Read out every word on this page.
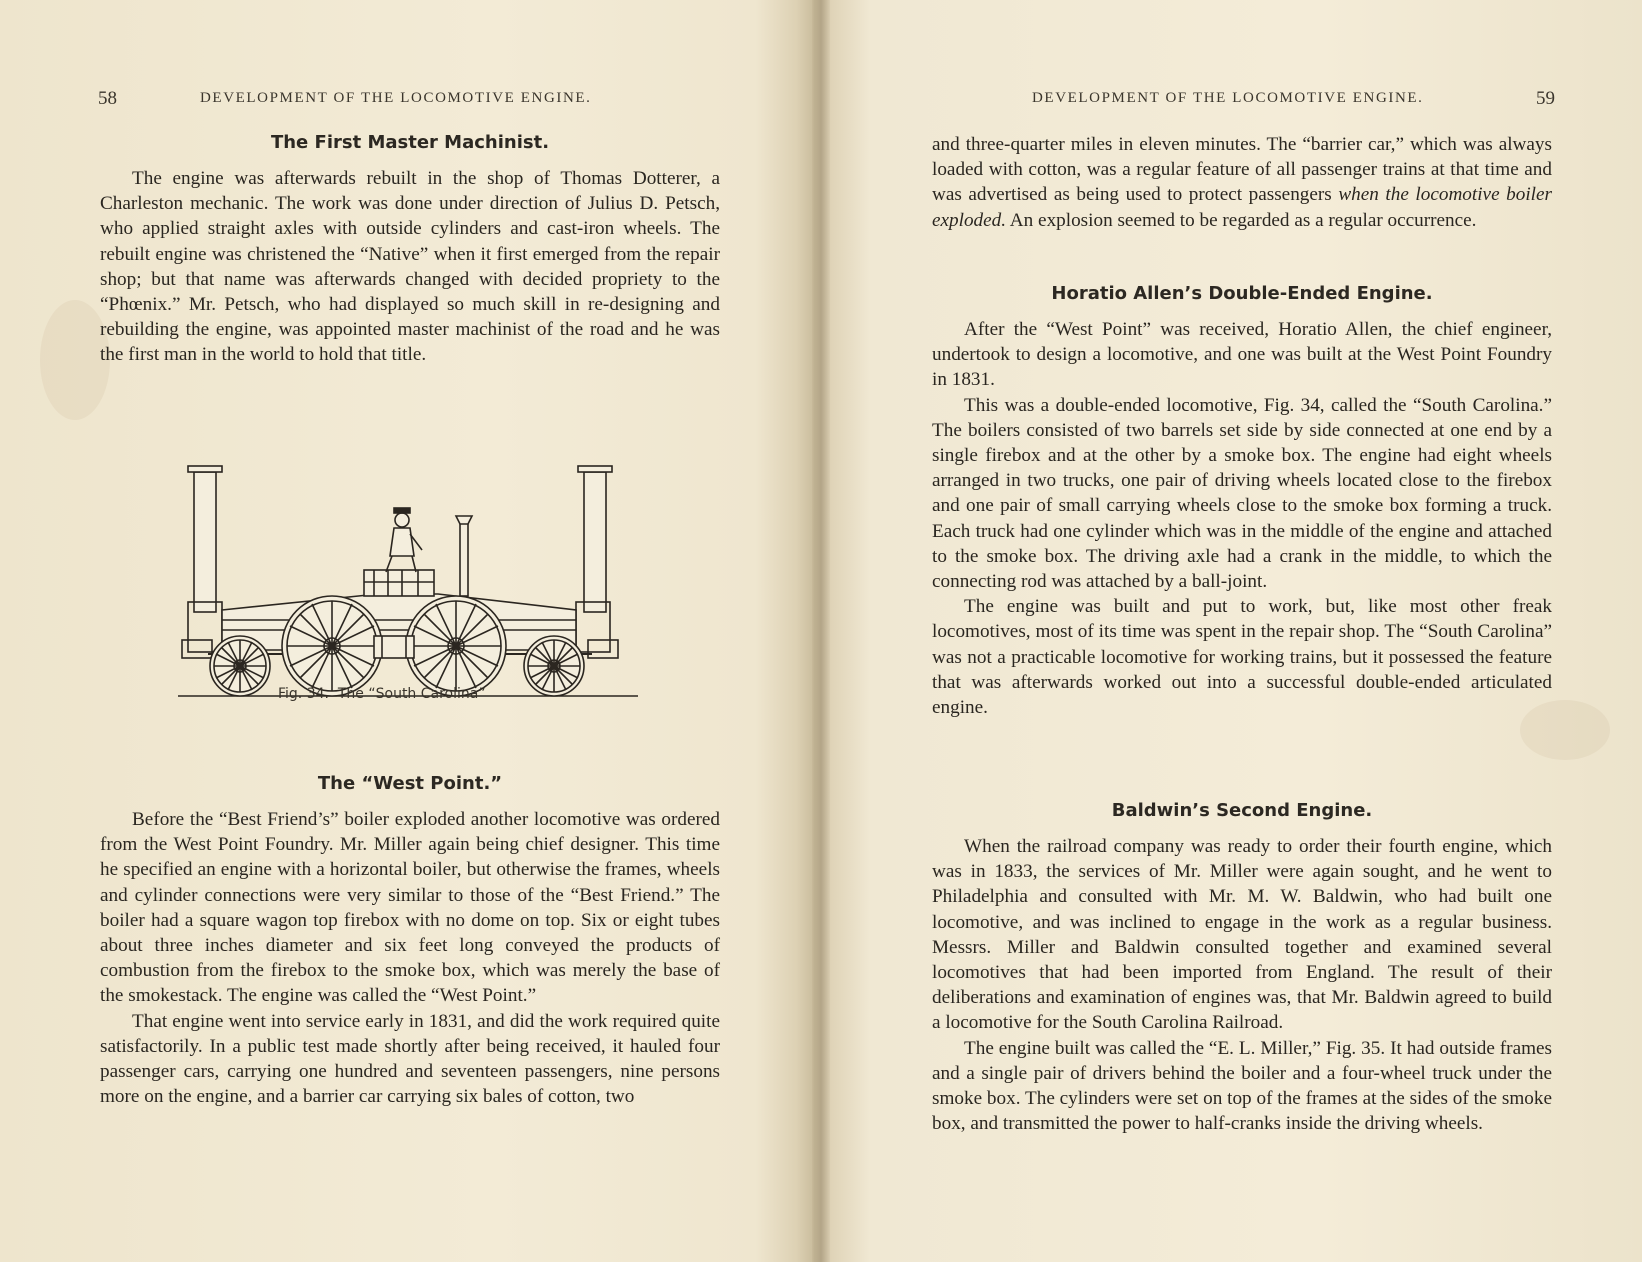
58	DEVELOPMENT OF THE LOCOMOTIVE ENGINE.
The First Master Machinist.

The engine was afterwards rebuilt in the shop of Thomas Dotterer, a Charleston mechanic. The work was done under direction of Julius D. Petsch, who applied straight axles with outside cylinders and cast-iron wheels. The rebuilt engine was christened the “Native” when it first emerged from the repair shop; but that name was afterwards changed with decided propriety to the “Phœnix.” Mr. Petsch, who had displayed so much skill in re-designing and rebuilding the engine, was appointed master machinist of the road and he was the first man in the world to hold that title.

Fig. 34.  The “South Carolina”
The “West Point.”

Before the “Best Friend’s” boiler exploded another locomotive was ordered from the West Point Foundry. Mr. Miller again being chief designer. This time he specified an engine with a horizontal boiler, but otherwise the frames, wheels and cylinder connections were very similar to those of the “Best Friend.” The boiler had a square wagon top firebox with no dome on top. Six or eight tubes about three inches diameter and six feet long conveyed the products of combustion from the firebox to the smoke box, which was merely the base of the smokestack. The engine was called the “West Point.”

That engine went into service early in 1831, and did the work required quite satisfactorily. In a public test made shortly after being received, it hauled four passenger cars, carrying one hundred and seventeen passengers, nine persons more on the engine, and a barrier car carrying six bales of cotton, two

DEVELOPMENT OF THE LOCOMOTIVE ENGINE.	59

and three-quarter miles in eleven minutes. The “barrier car,” which was always loaded with cotton, was a regular feature of all passenger trains at that time and was advertised as being used to protect passengers when the locomotive boiler exploded. An explosion seemed to be regarded as a regular occurrence.

Horatio Allen’s Double-Ended Engine.

After the “West Point” was received, Horatio Allen, the chief engineer, undertook to design a locomotive, and one was built at the West Point Foundry in 1831.

This was a double-ended locomotive, Fig. 34, called the “South Carolina.” The boilers consisted of two barrels set side by side connected at one end by a single firebox and at the other by a smoke box. The engine had eight wheels arranged in two trucks, one pair of driving wheels located close to the firebox and one pair of small carrying wheels close to the smoke box forming a truck. Each truck had one cylinder which was in the middle of the engine and attached to the smoke box. The driving axle had a crank in the middle, to which the connecting rod was attached by a ball-joint.

The engine was built and put to work, but, like most other freak locomotives, most of its time was spent in the repair shop. The “South Carolina” was not a practicable locomotive for working trains, but it possessed the feature that was afterwards worked out into a successful double-ended articulated engine.

Baldwin’s Second Engine.

When the railroad company was ready to order their fourth engine, which was in 1833, the services of Mr. Miller were again sought, and he went to Philadelphia and consulted with Mr. M. W. Baldwin, who had built one locomotive, and was inclined to engage in the work as a regular business. Messrs. Miller and Baldwin consulted together and examined several locomotives that had been imported from England. The result of their deliberations and examination of engines was, that Mr. Baldwin agreed to build a locomotive for the South Carolina Railroad.

The engine built was called the “E. L. Miller,” Fig. 35. It had outside frames and a single pair of drivers behind the boiler and a four-wheel truck under the smoke box. The cylinders were set on top of the frames at the sides of the smoke box, and transmitted the power to half-cranks inside the driving wheels.
